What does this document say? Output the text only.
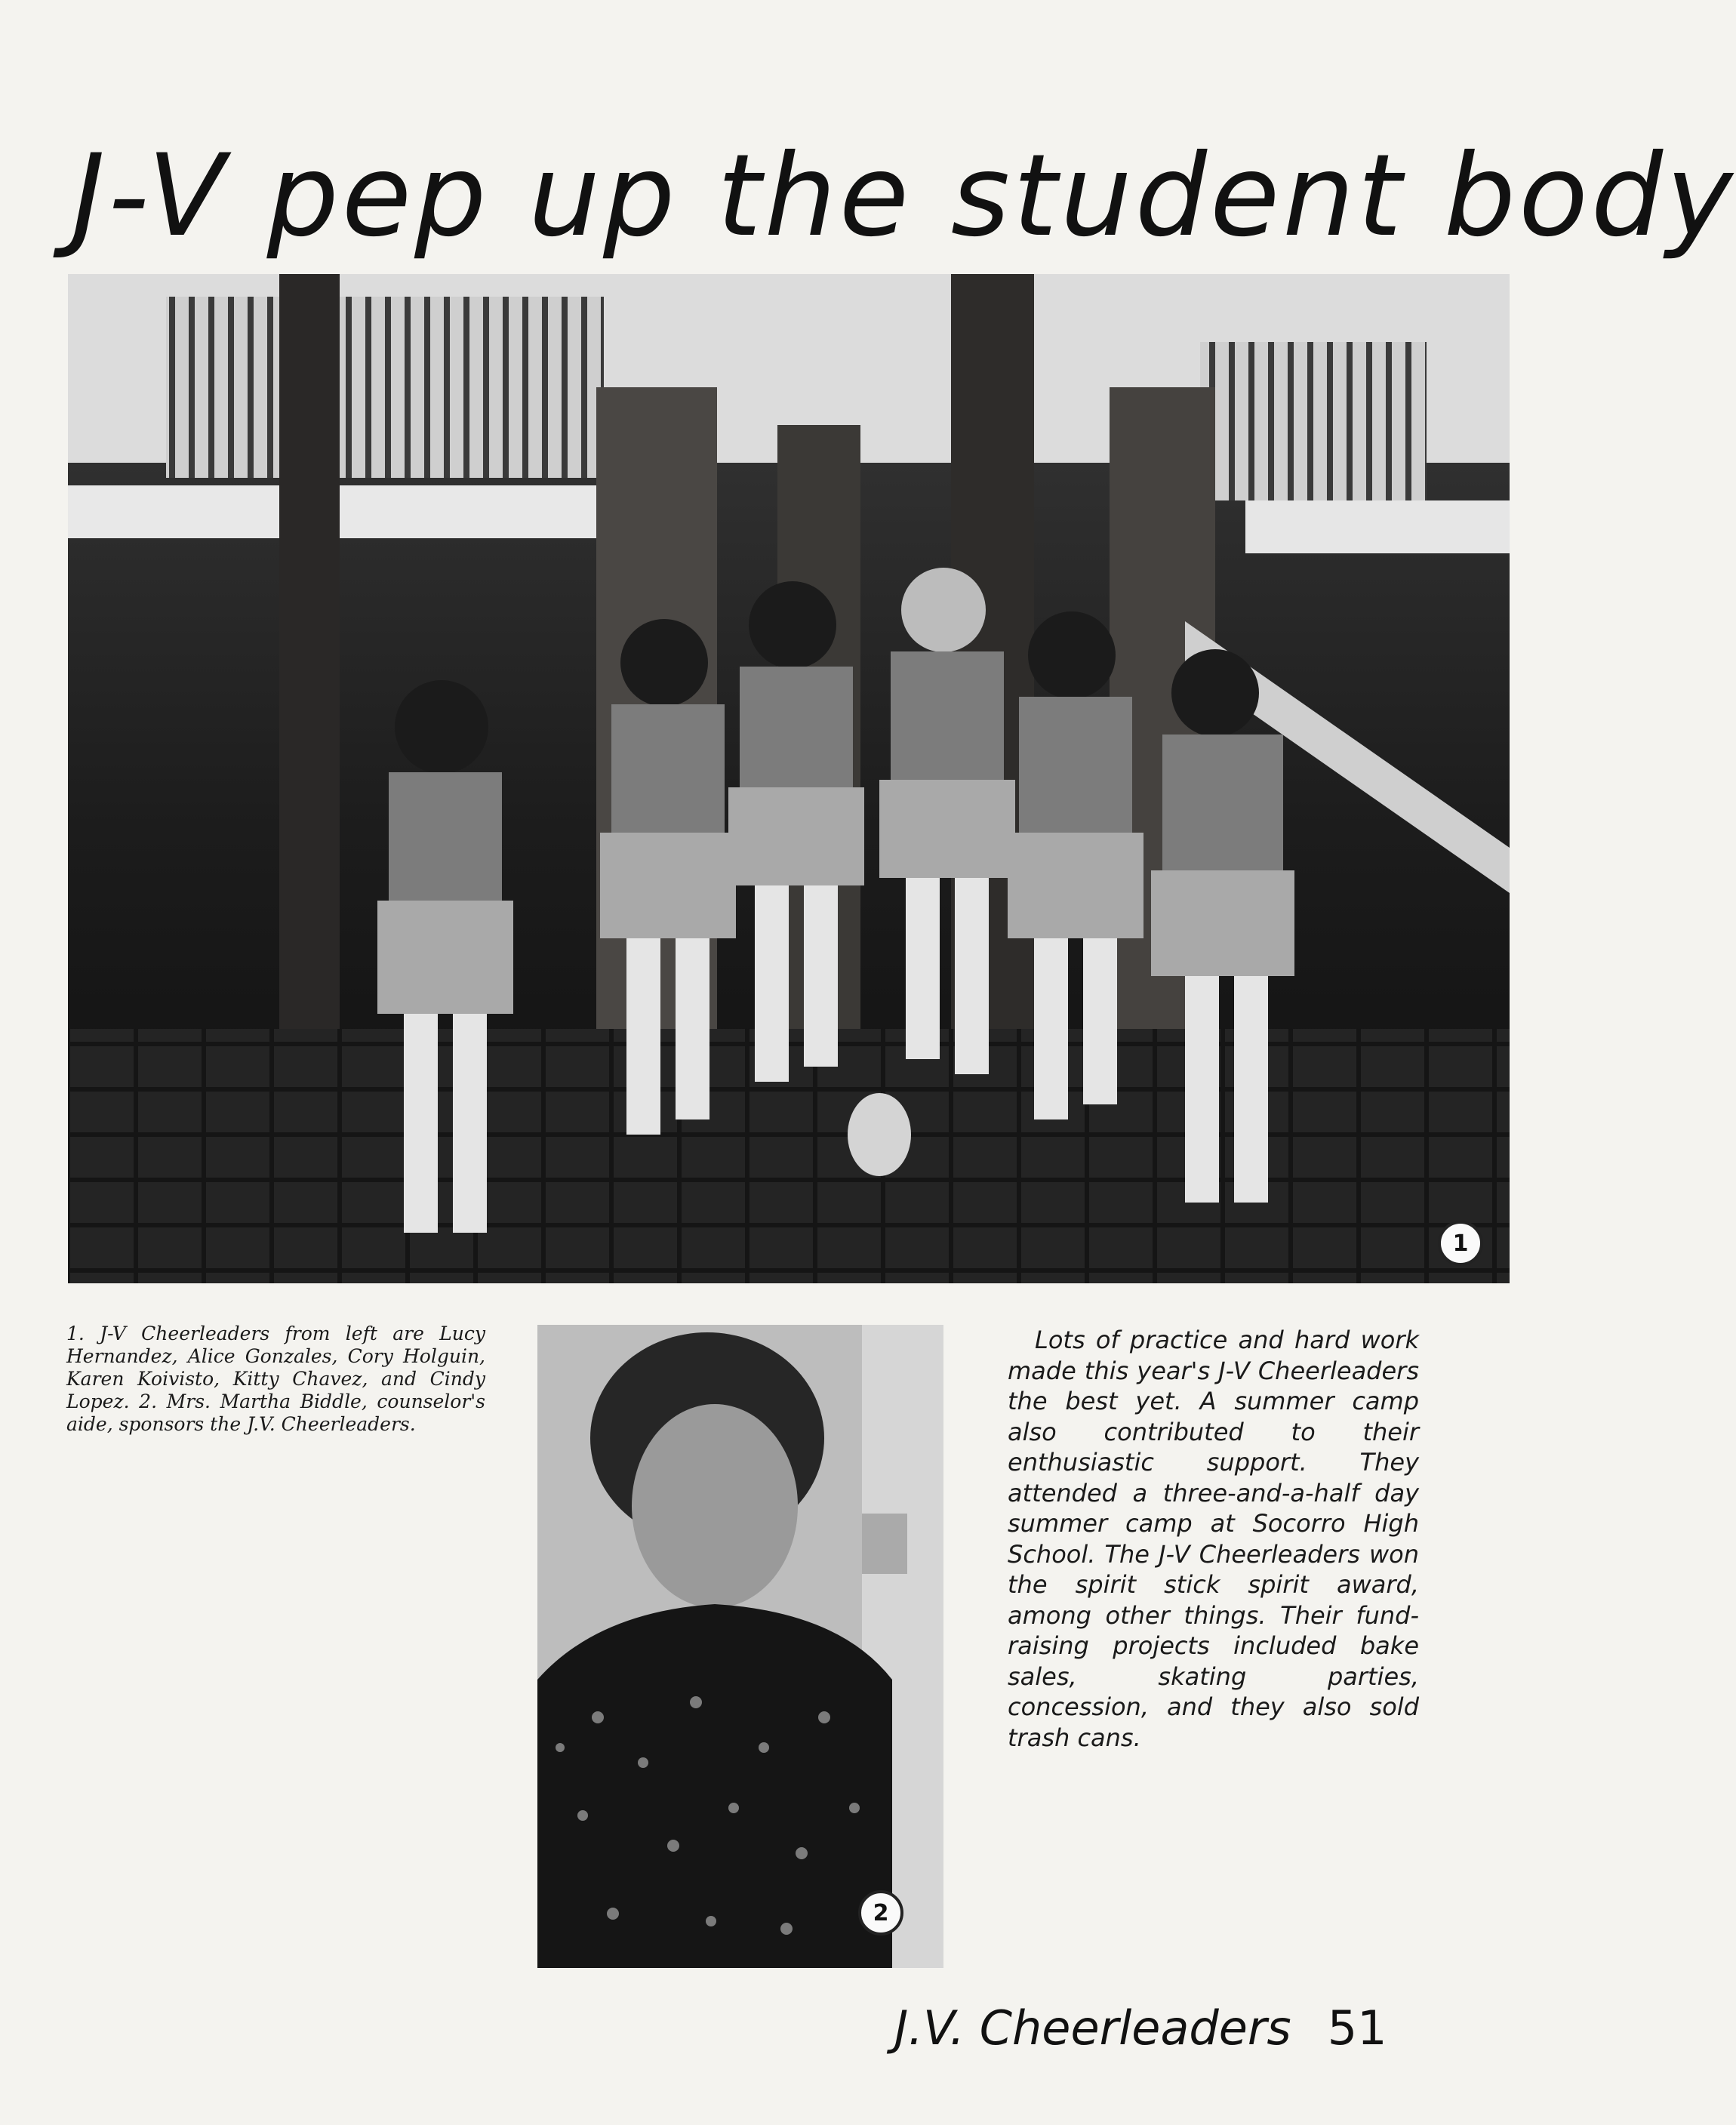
J-V pep up the student body
1
1. J-V Cheerleaders from left are Lucy Hernandez, Alice Gonzales, Cory Holguin, Karen Koivisto, Kitty Chavez, and Cindy Lopez. 2. Mrs. Martha Biddle, counselor's aide, sponsors the J.V. Cheerleaders.
2

Lots of practice and hard work made this year's J-V Cheerleaders the best yet. A summer camp also contributed to their enthusiastic support. They attended a three-and-a-half day summer camp at Socorro High School. The J-V Cheerleaders won the spirit stick spirit award, among other things. Their fund-raising projects included bake sales, skating parties, concession, and they also sold trash cans.

J.V. Cheerleaders 51
